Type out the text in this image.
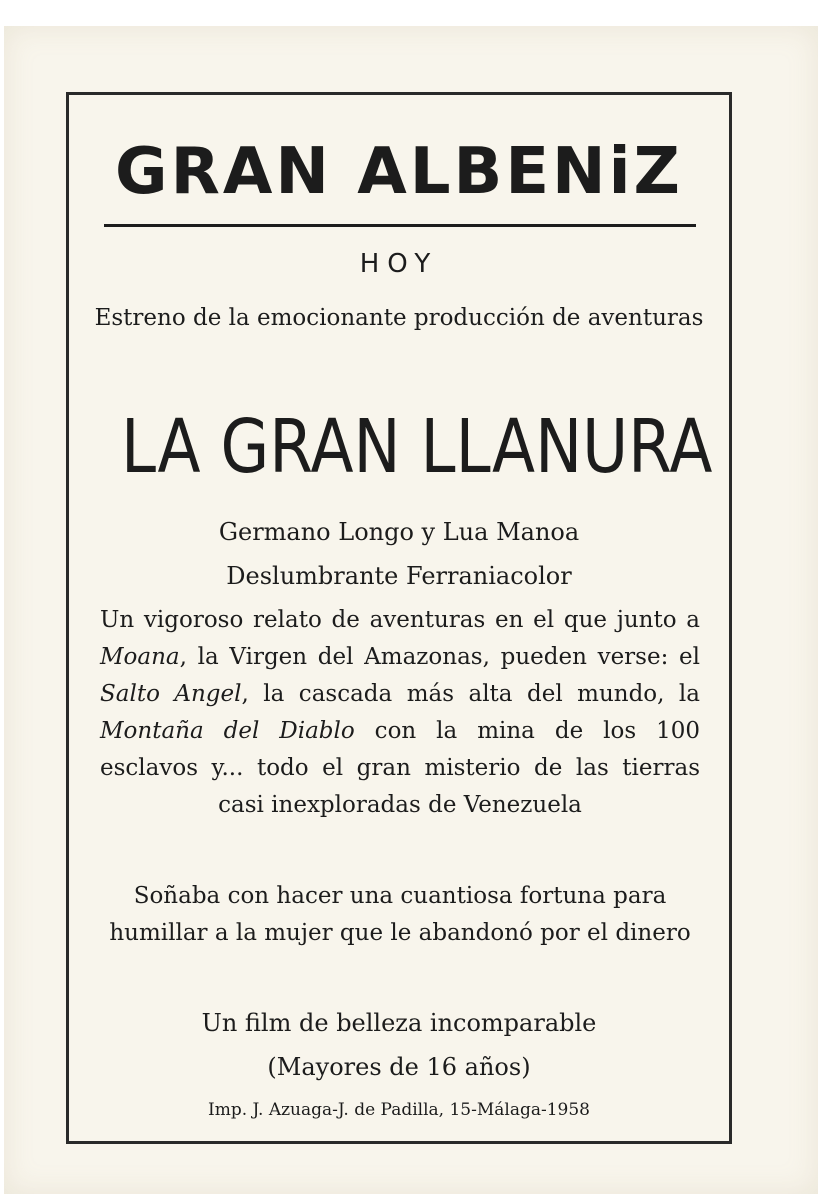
GRAN ALBENiZ
HOY
Estreno de la emocionante producción de aventuras
LA GRAN LLANURA
Germano Longo y Lua Manoa
Deslumbrante Ferraniacolor
Un vigoroso relato de aventuras en el que junto a Moana, la Virgen del Amazonas, pueden verse: el Salto Angel, la cascada más alta del mundo, la Montaña del Diablo con la mina de los 100 esclavos y... todo el gran misterio de las tierras casi inexploradas de Venezuela
Soñaba con hacer una cuantiosa fortuna para humillar a la mujer que le abandonó por el dinero
Un film de belleza incomparable
(Mayores de 16 años)
Imp. J. Azuaga-J. de Padilla, 15-Málaga-1958
